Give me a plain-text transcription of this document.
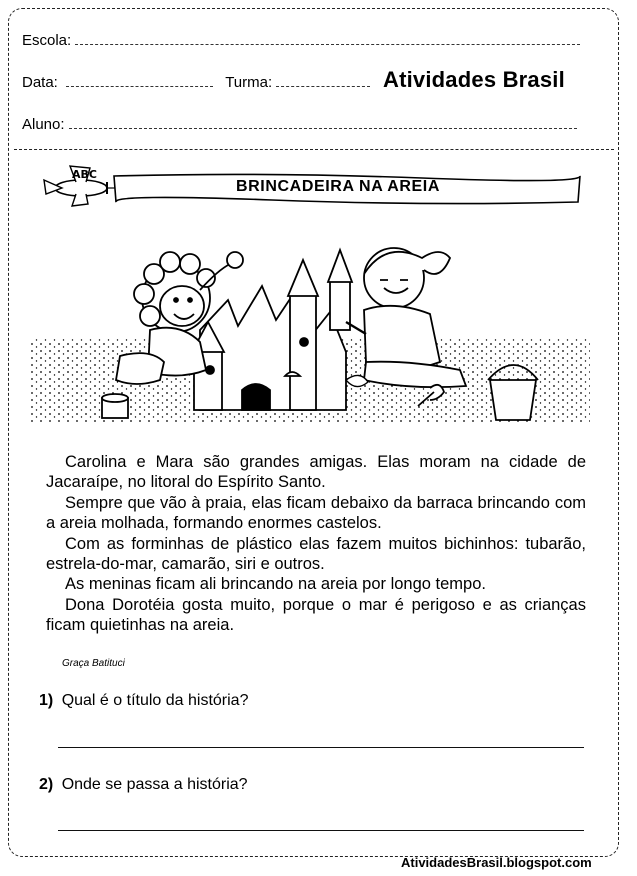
Escola:
Data:	Turma:	Atividades Brasil
Aluno:
ABC
BRINCADEIRA NA AREIA

Carolina e Mara são grandes amigas. Elas moram na cidade de Jacaraípe, no litoral do Espírito Santo.

Sempre que vão à praia, elas ficam debaixo da barraca brincando com a areia molhada, formando enormes castelos.

Com as forminhas de plástico elas fazem muitos bichinhos: tubarão, estrela-do-mar, camarão, siri e outros.

As meninas ficam ali brincando na areia por longo tempo.

Dona Dorotéia gosta muito, porque o mar é perigoso e as crianças ficam quietinhas na areia.

Graça Batituci
1) Qual é o título da história?
2) Onde se passa a história?
AtividadesBrasil.blogspot.com
